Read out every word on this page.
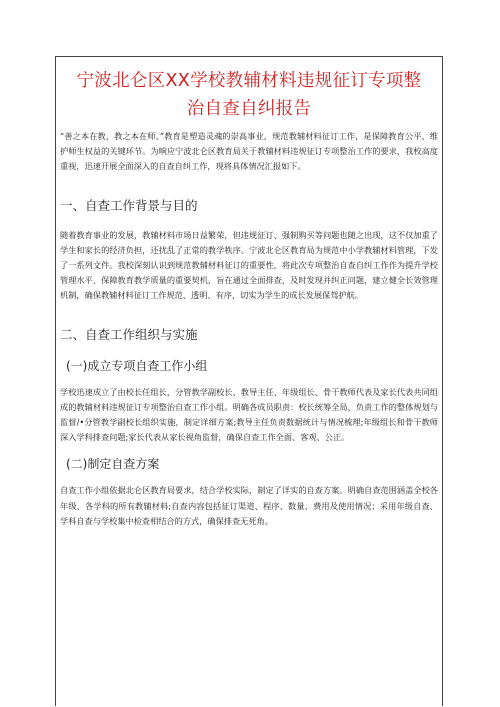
宁波北仑区XX学校教辅材料违规征订专项整
治自查自纠报告

“善之本在教，教之本在师。”教育是塑造灵魂的崇高事业，规范教辅材料征订工作，是保障教育公平、维护师生权益的关键环节。为响应宁波北仑区教育局关于教辅材料违规征订专项整治工作的要求，我校高度重视，迅速开展全面深入的自查自纠工作，现将具体情况汇报如下。

一、自查工作背景与目的

随着教育事业的发展，教辅材料市场日益繁荣，但违规征订、强制购买等问题也随之出现，这不仅加重了学生和家长的经济负担，还扰乱了正常的教学秩序。宁波北仑区教育局为规范中小学教辅材料管理，下发了一系列文件。我校深刻认识到规范教辅材料征订的重要性，将此次专项整治自查自纠工作作为提升学校管理水平、保障教育教学质量的重要契机，旨在通过全面排查，及时发现并纠正问题，建立健全长效管理机制，确保教辅材料征订工作规范、透明、有序，切实为学生的成长发展保驾护航。

二、自查工作组织与实施
(一)成立专项自查工作小组

学校迅速成立了由校长任组长，分管教学副校长、教导主任、年级组长、骨干教师代表及家长代表共同组成的教辅材料违规征订专项整治自查工作小组。明确各成员职责：校长统筹全局，负责工作的整体规划与监督/•分管教学副校长组织实施，制定详细方案;教导主任负责数据统计与情况梳理;年级组长和骨干教师深入学科排查问题;家长代表从家长视角监督，确保自查工作全面、客观、公正。

(二)制定自查方案

自查工作小组依据北仑区教育局要求，结合学校实际，制定了详实的自查方案。明确自查范围涵盖全校各年级、各学科的所有教辅材料;自查内容包括征订渠道、程序、数量、费用及使用情况；采用年级自查、学科自查与学校集中检查相结合的方式，确保排查无死角。
